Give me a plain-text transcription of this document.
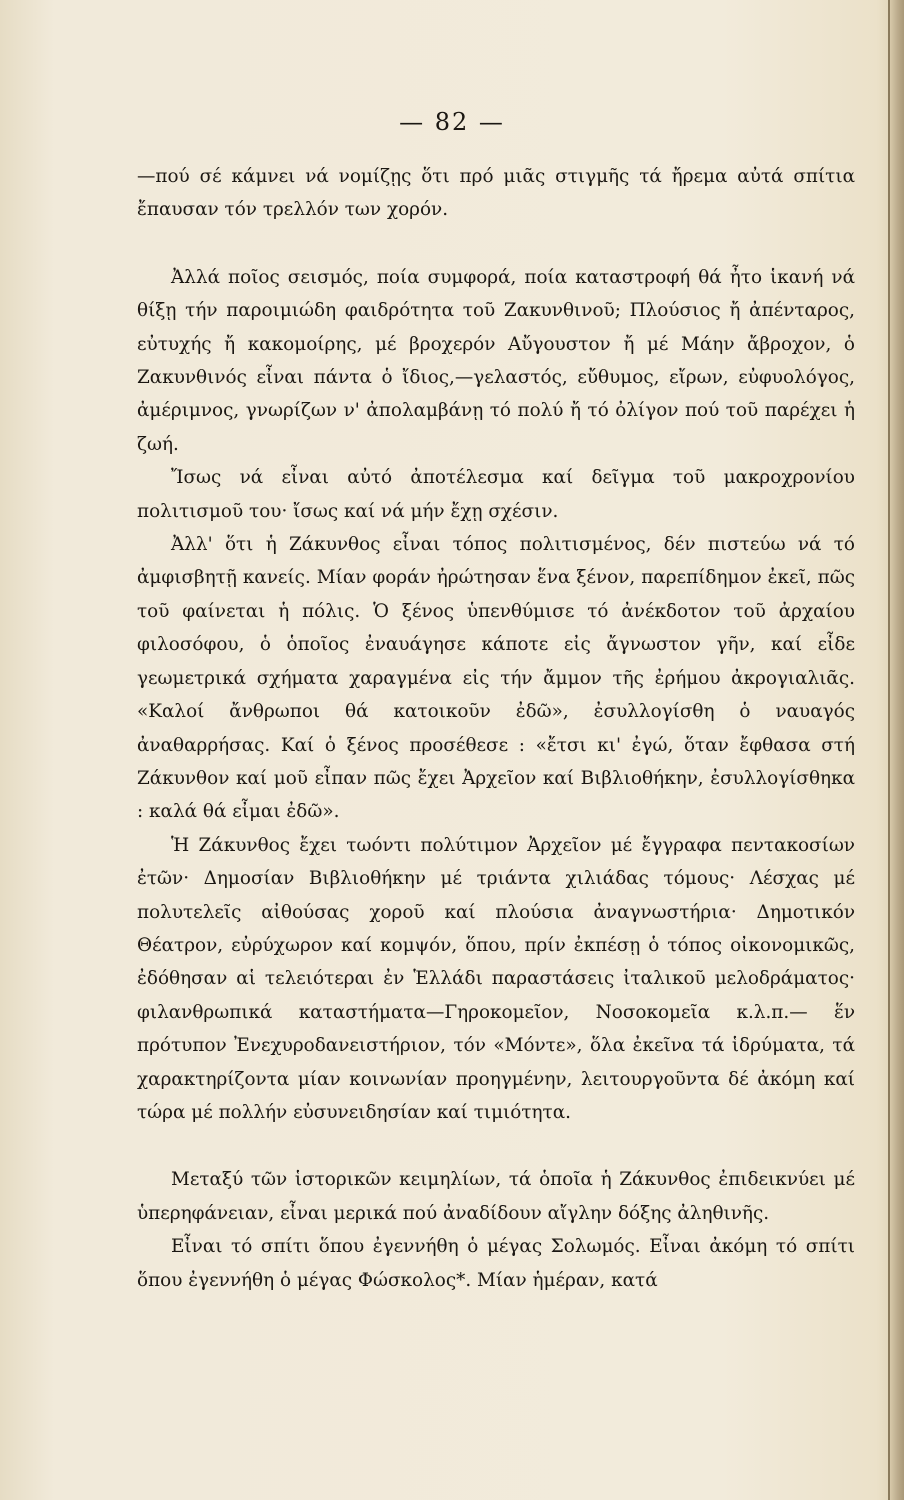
— 82 —

—πού σέ κάμνει νά νομίζῃς ὅτι πρό μιᾶς στιγμῆς τά ἤρεμα αὐτά σπίτια ἔπαυσαν τόν τρελλόν των χορόν.

Ἀλλά ποῖος σεισμός, ποία συμφορά, ποία καταστροφή θά ἦτο ἱκανή νά θίξῃ τήν παροιμιώδη φαιδρότητα τοῦ Ζακυνθινοῦ; Πλούσιος ἤ ἀπένταρος, εὐτυχής ἤ κακομοίρης, μέ βροχερόν Αὔγουστον ἤ μέ Μάην ἄβροχον, ὁ Ζακυνθινός εἶναι πάντα ὁ ἴδιος,—γελαστός, εὔθυμος, εἴρων, εὐφυολόγος, ἀμέριμνος, γνωρίζων ν' ἀπολαμβάνῃ τό πολύ ἤ τό ὀλίγον πού τοῦ παρέχει ἡ ζωή.

Ἴσως νά εἶναι αὐτό ἀποτέλεσμα καί δεῖγμα τοῦ μακροχρονίου πολιτισμοῦ του· ἴσως καί νά μήν ἔχῃ σχέσιν.

Ἀλλ' ὅτι ἡ Ζάκυνθος εἶναι τόπος πολιτισμένος, δέν πιστεύω νά τό ἀμφισβητῇ κανείς. Μίαν φοράν ἠρώτησαν ἕνα ξένον, παρεπίδημον ἐκεῖ, πῶς τοῦ φαίνεται ἡ πόλις. Ὁ ξένος ὑπενθύμισε τό ἀνέκδοτον τοῦ ἀρχαίου φιλοσόφου, ὁ ὁποῖος ἐναυάγησε κάποτε εἰς ἄγνωστον γῆν, καί εἶδε γεωμετρικά σχήματα χαραγμένα εἰς τήν ἄμμον τῆς ἐρήμου ἀκρογιαλιᾶς. «Καλοί ἄνθρωποι θά κατοικοῦν ἐδῶ», ἐσυλλογίσθη ὁ ναυαγός ἀναθαρρήσας. Καί ὁ ξένος προσέθεσε : «ἔτσι κι' ἐγώ, ὅταν ἔφθασα στή Ζάκυνθον καί μοῦ εἶπαν πῶς ἔχει Ἀρχεῖον καί Βιβλιοθήκην, ἐσυλλογίσθηκα : καλά θά εἶμαι ἐδῶ».

Ἡ Ζάκυνθος ἔχει τωόντι πολύτιμον Ἀρχεῖον μέ ἔγγραφα πεντακοσίων ἐτῶν· Δημοσίαν Βιβλιοθήκην μέ τριάντα χιλιάδας τόμους· Λέσχας μέ πολυτελεῖς αἰθούσας χοροῦ καί πλούσια ἀναγνωστήρια· Δημοτικόν Θέατρον, εὐρύχωρον καί κομψόν, ὅπου, πρίν ἐκπέσῃ ὁ τόπος οἰκονομικῶς, ἐδόθησαν αἱ τελειότεραι ἐν Ἑλλάδι παραστάσεις ἰταλικοῦ μελοδράματος· φιλανθρωπικά καταστήματα—Γηροκομεῖον, Νοσοκομεῖα κ.λ.π.— ἕν πρότυπον Ἐνεχυροδανειστήριον, τόν «Μόντε», ὅλα ἐκεῖνα τά ἱδρύματα, τά χαρακτηρίζοντα μίαν κοινωνίαν προηγμένην, λειτουργοῦντα δέ ἀκόμη καί τώρα μέ πολλήν εὐσυνειδησίαν καί τιμιότητα.

Μεταξύ τῶν ἱστορικῶν κειμηλίων, τά ὁποῖα ἡ Ζάκυνθος ἐπιδεικνύει μέ ὑπερηφάνειαν, εἶναι μερικά πού ἀναδίδουν αἴγλην δόξης ἀληθινῆς.

Εἶναι τό σπίτι ὅπου ἐγεννήθη ὁ μέγας Σολωμός. Εἶναι ἀκόμη τό σπίτι ὅπου ἐγεννήθη ὁ μέγας Φώσκολος*. Μίαν ἡμέραν, κατά
